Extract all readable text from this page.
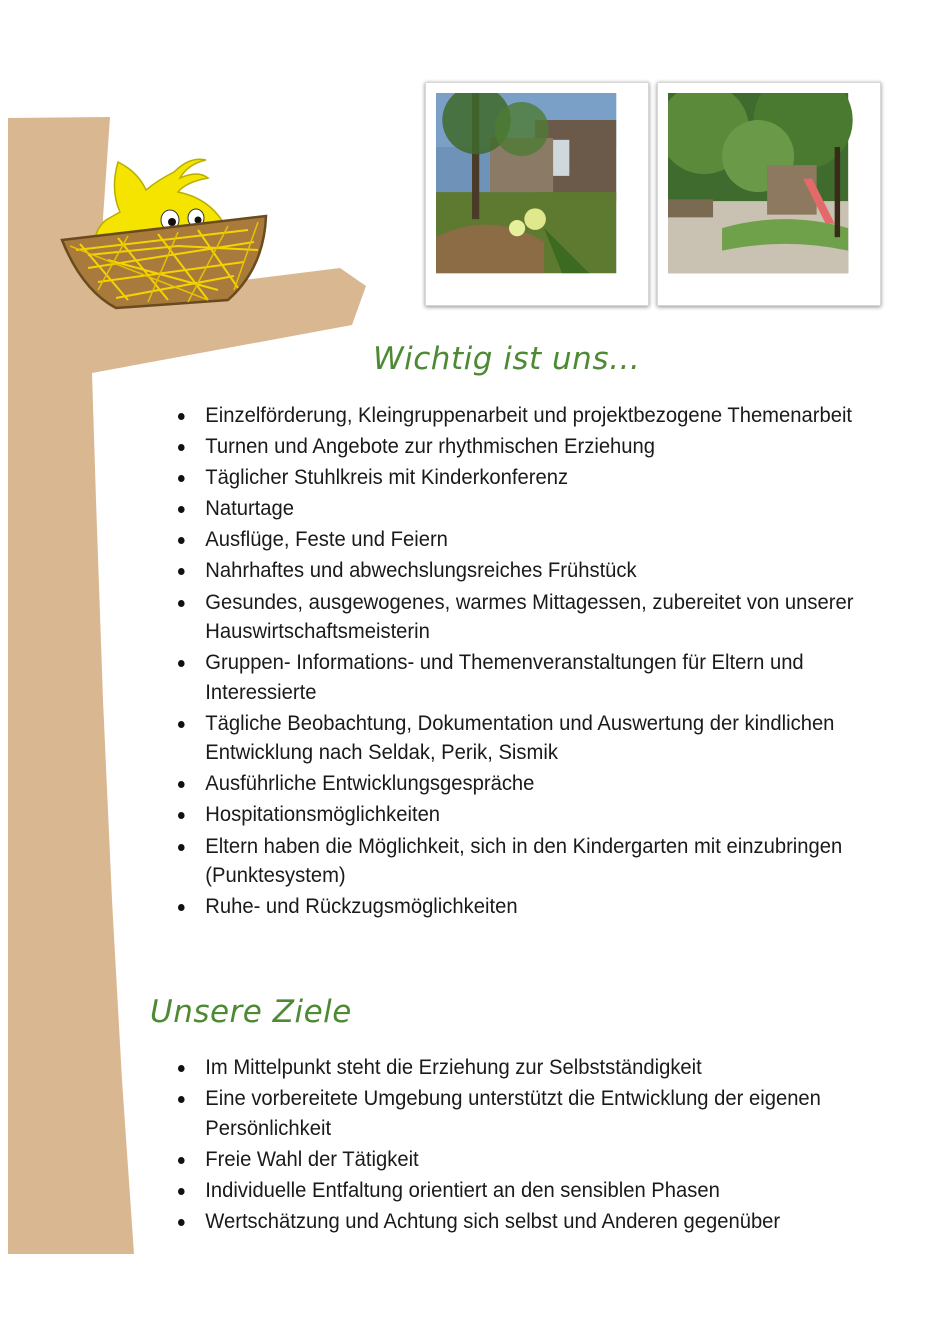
Wichtig ist uns…
Einzelförderung, Kleingruppenarbeit und projektbezogene Themenarbeit
Turnen und Angebote zur rhythmischen Erziehung
Täglicher Stuhlkreis mit Kinderkonferenz
Naturtage
Ausflüge, Feste und Feiern
Nahrhaftes und abwechslungsreiches Frühstück
Gesundes, ausgewogenes, warmes Mittagessen, zubereitet von unserer Hauswirtschaftsmeisterin
Gruppen- Informations- und Themenveranstaltungen für Eltern und Interessierte
Tägliche Beobachtung, Dokumentation und Auswertung der kindlichen Entwicklung nach Seldak, Perik, Sismik
Ausführliche Entwicklungsgespräche
Hospitationsmöglichkeiten
Eltern haben die Möglichkeit, sich in den Kindergarten mit einzubringen (Punktesystem)
Ruhe- und Rückzugsmöglichkeiten
Unsere Ziele
Im Mittelpunkt steht die Erziehung zur Selbstständigkeit
Eine vorbereitete Umgebung unterstützt die Entwicklung der eigenen Persönlichkeit
Freie Wahl der Tätigkeit
Individuelle Entfaltung orientiert an den sensiblen Phasen
Wertschätzung und Achtung sich selbst und Anderen gegenüber
